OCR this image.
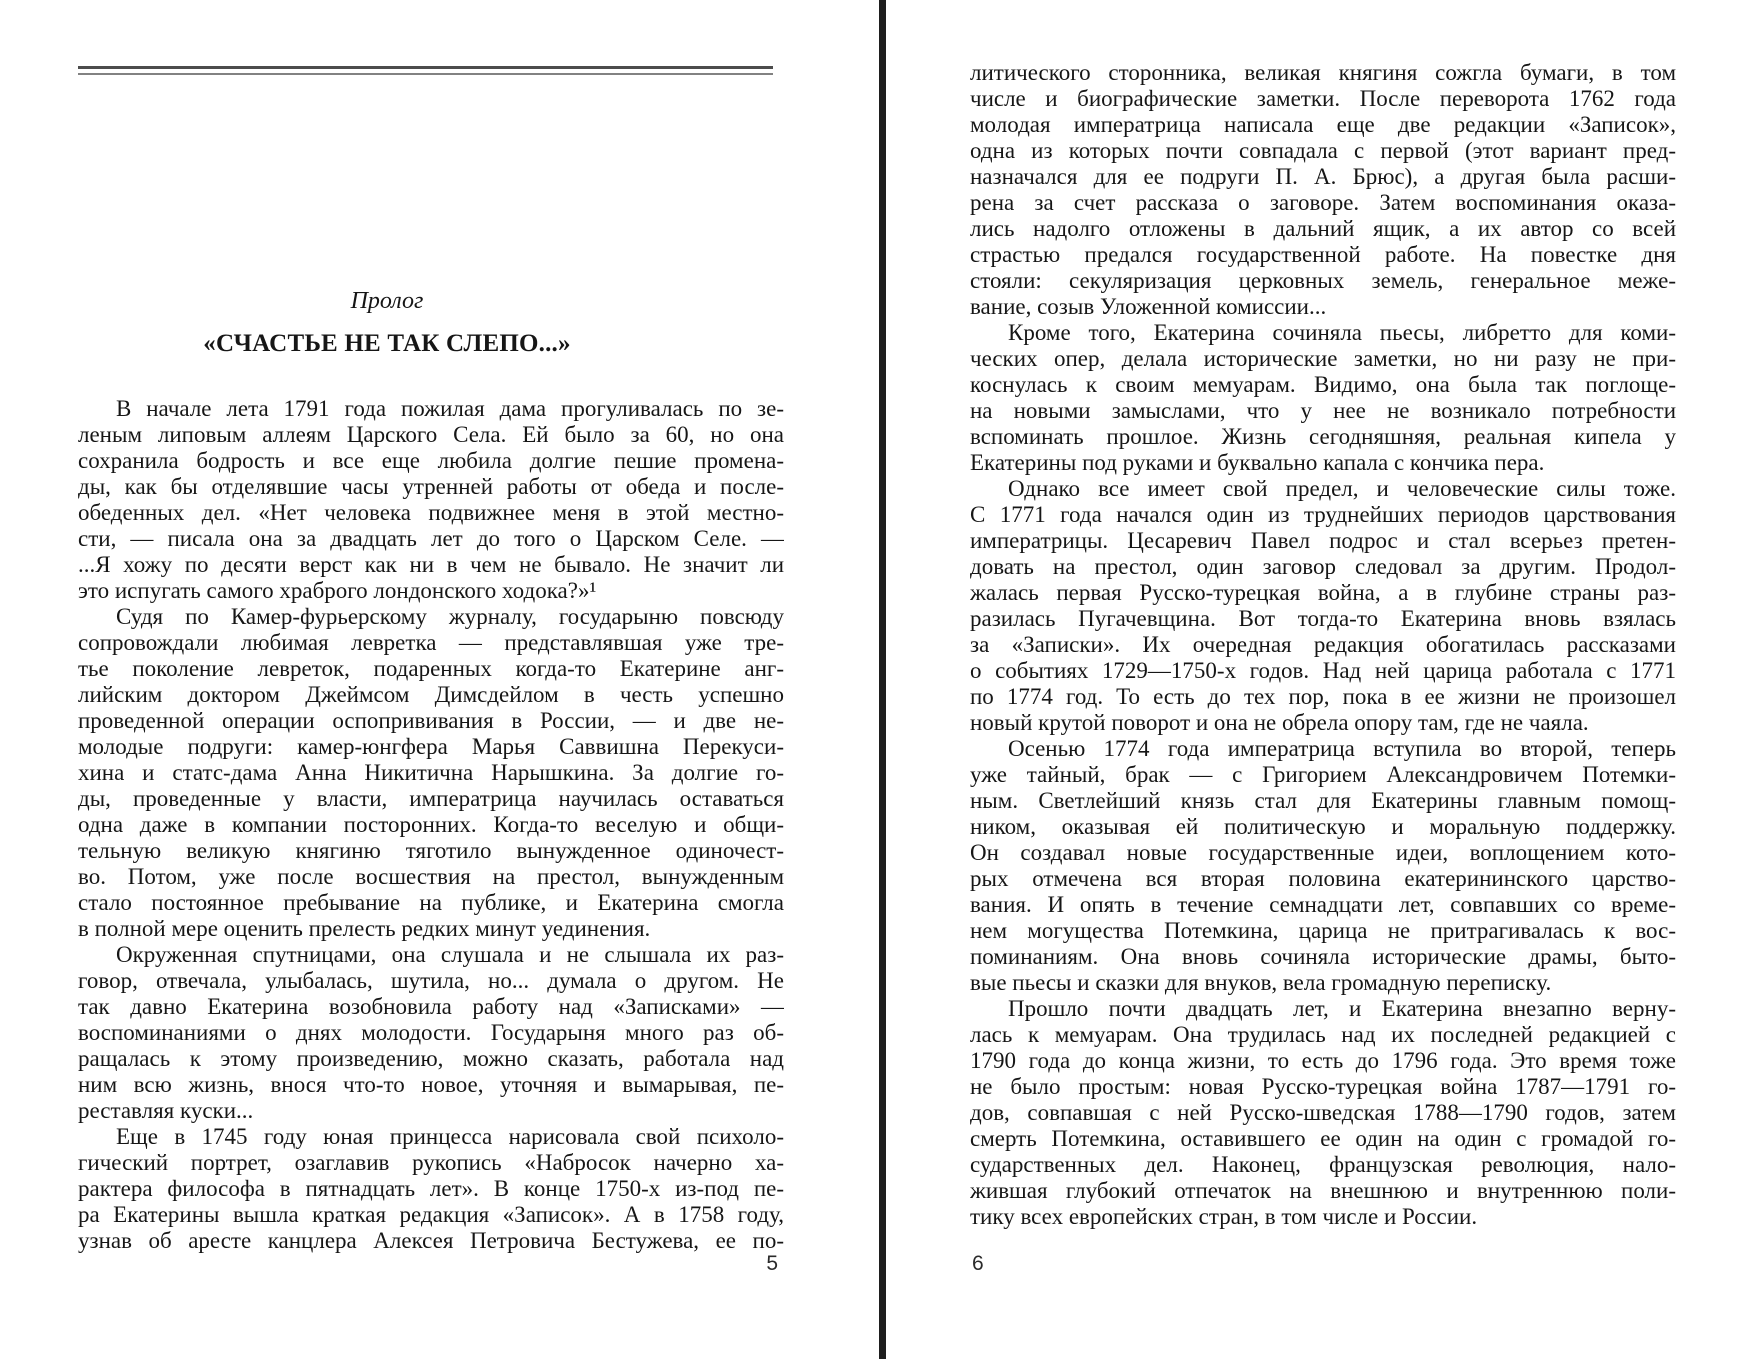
Пролог
«СЧАСТЬЕ НЕ ТАК СЛЕПО...»
В начале лета 1791 года пожилая дама прогуливалась по зе-
леным липовым аллеям Царского Села. Ей было за 60, но она
сохранила бодрость и все еще любила долгие пешие промена-
ды, как бы отделявшие часы утренней работы от обеда и после-
обеденных дел. «Нет человека подвижнее меня в этой местно-
сти, — писала она за двадцать лет до того о Царском Селе. —
...Я хожу по десяти верст как ни в чем не бывало. Не значит ли
это испугать самого храброго лондонского ходока?»¹
Судя по Камер-фурьерскому журналу, государыню повсюду
сопровождали любимая левретка — представлявшая уже тре-
тье поколение левреток, подаренных когда-то Екатерине анг-
лийским доктором Джеймсом Димсдейлом в честь успешно
проведенной операции оспопрививания в России, — и две не-
молодые подруги: камер-юнгфера Марья Саввишна Перекуси-
хина и статс-дама Анна Никитична Нарышкина. За долгие го-
ды, проведенные у власти, императрица научилась оставаться
одна даже в компании посторонних. Когда-то веселую и общи-
тельную великую княгиню тяготило вынужденное одиночест-
во. Потом, уже после восшествия на престол, вынужденным
стало постоянное пребывание на публике, и Екатерина смогла
в полной мере оценить прелесть редких минут уединения.
Окруженная спутницами, она слушала и не слышала их раз-
говор, отвечала, улыбалась, шутила, но... думала о другом. Не
так давно Екатерина возобновила работу над «Записками» —
воспоминаниями о днях молодости. Государыня много раз об-
ращалась к этому произведению, можно сказать, работала над
ним всю жизнь, внося что-то новое, уточняя и вымарывая, пе-
реставляя куски...
Еще в 1745 году юная принцесса нарисовала свой психоло-
гический портрет, озаглавив рукопись «Набросок начерно ха-
рактера философа в пятнадцать лет». В конце 1750-х из-под пе-
ра Екатерины вышла краткая редакция «Записок». А в 1758 году,
узнав об аресте канцлера Алексея Петровича Бестужева, ее по-
литического сторонника, великая княгиня сожгла бумаги, в том
числе и биографические заметки. После переворота 1762 года
молодая императрица написала еще две редакции «Записок»,
одна из которых почти совпадала с первой (этот вариант пред-
назначался для ее подруги П. А. Брюс), а другая была расши-
рена за счет рассказа о заговоре. Затем воспоминания оказа-
лись надолго отложены в дальний ящик, а их автор со всей
страстью предался государственной работе. На повестке дня
стояли: секуляризация церковных земель, генеральное меже-
вание, созыв Уложенной комиссии...
Кроме того, Екатерина сочиняла пьесы, либретто для коми-
ческих опер, делала исторические заметки, но ни разу не при-
коснулась к своим мемуарам. Видимо, она была так поглоще-
на новыми замыслами, что у нее не возникало потребности
вспоминать прошлое. Жизнь сегодняшняя, реальная кипела у
Екатерины под руками и буквально капала с кончика пера.
Однако все имеет свой предел, и человеческие силы тоже.
С 1771 года начался один из труднейших периодов царствования
императрицы. Цесаревич Павел подрос и стал всерьез претен-
довать на престол, один заговор следовал за другим. Продол-
жалась первая Русско-турецкая война, а в глубине страны раз-
разилась Пугачевщина. Вот тогда-то Екатерина вновь взялась
за «Записки». Их очередная редакция обогатилась рассказами
о событиях 1729—1750-х годов. Над ней царица работала с 1771
по 1774 год. То есть до тех пор, пока в ее жизни не произошел
новый крутой поворот и она не обрела опору там, где не чаяла.
Осенью 1774 года императрица вступила во второй, теперь
уже тайный, брак — с Григорием Александровичем Потемки-
ным. Светлейший князь стал для Екатерины главным помощ-
ником, оказывая ей политическую и моральную поддержку.
Он создавал новые государственные идеи, воплощением кото-
рых отмечена вся вторая половина екатерининского царство-
вания. И опять в течение семнадцати лет, совпавших со време-
нем могущества Потемкина, царица не притрагивалась к вос-
поминаниям. Она вновь сочиняла исторические драмы, быто-
вые пьесы и сказки для внуков, вела громадную переписку.
Прошло почти двадцать лет, и Екатерина внезапно верну-
лась к мемуарам. Она трудилась над их последней редакцией с
1790 года до конца жизни, то есть до 1796 года. Это время тоже
не было простым: новая Русско-турецкая война 1787—1791 го-
дов, совпавшая с ней Русско-шведская 1788—1790 годов, затем
смерть Потемкина, оставившего ее один на один с громадой го-
сударственных дел. Наконец, французская революция, нало-
жившая глубокий отпечаток на внешнюю и внутреннюю поли-
тику всех европейских стран, в том числе и России.
5	6
